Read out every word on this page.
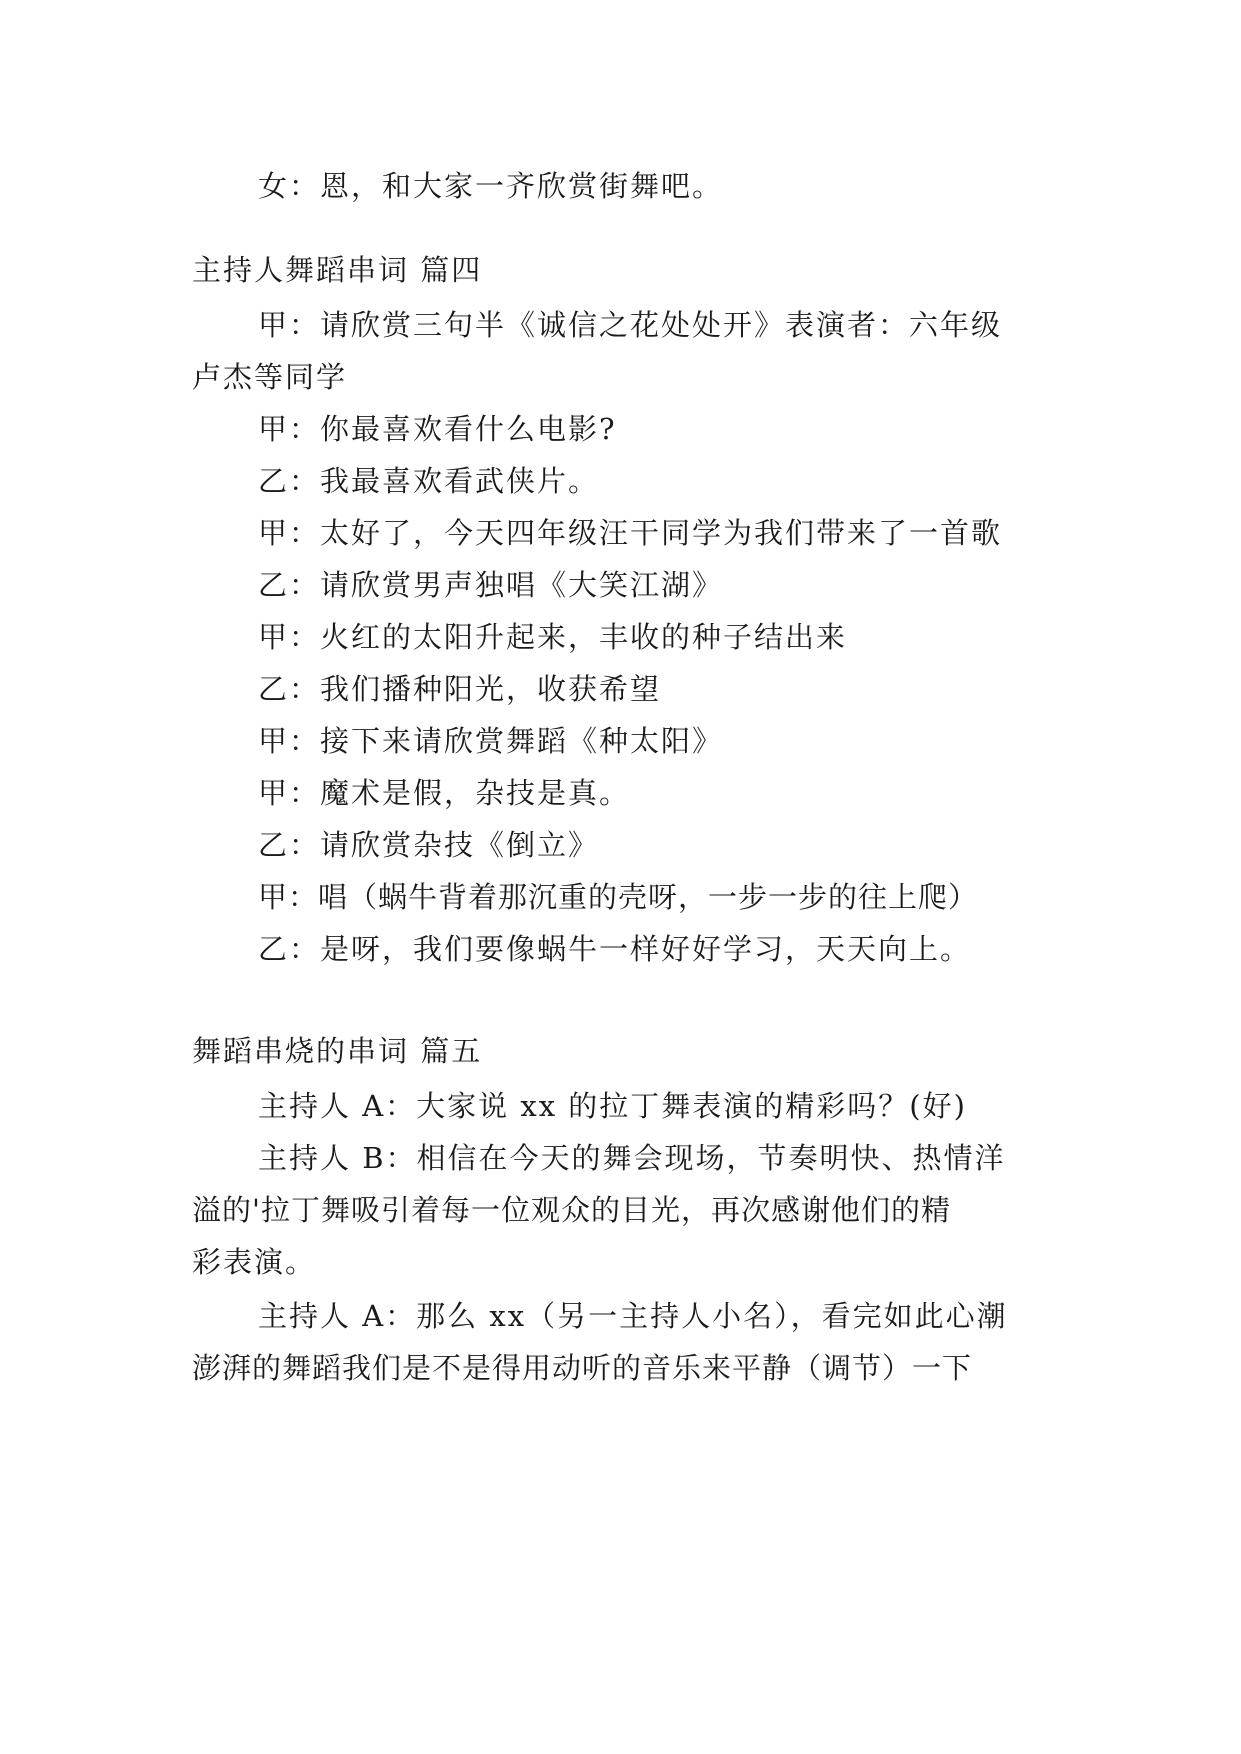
女：恩，和大家一齐欣赏街舞吧。
主持人舞蹈串词 篇四
甲：请欣赏三句半《诚信之花处处开》表演者：六年级
卢杰等同学
甲：你最喜欢看什么电影?
乙：我最喜欢看武侠片。
甲：太好了，今天四年级汪干同学为我们带来了一首歌
乙：请欣赏男声独唱《大笑江湖》
甲：火红的太阳升起来，丰收的种子结出来
乙：我们播种阳光，收获希望
甲：接下来请欣赏舞蹈《种太阳》
甲：魔术是假，杂技是真。
乙：请欣赏杂技《倒立》
甲：唱（蜗牛背着那沉重的壳呀，一步一步的往上爬）
乙：是呀，我们要像蜗牛一样好好学习，天天向上。
舞蹈串烧的串词 篇五
主持人 A：大家说 xx 的拉丁舞表演的精彩吗？(好)
主持人 B：相信在今天的舞会现场，节奏明快、热情洋
溢的'拉丁舞吸引着每一位观众的目光，再次感谢他们的精
彩表演。
主持人 A：那么 xx（另一主持人小名），看完如此心潮
澎湃的舞蹈我们是不是得用动听的音乐来平静（调节）一下
